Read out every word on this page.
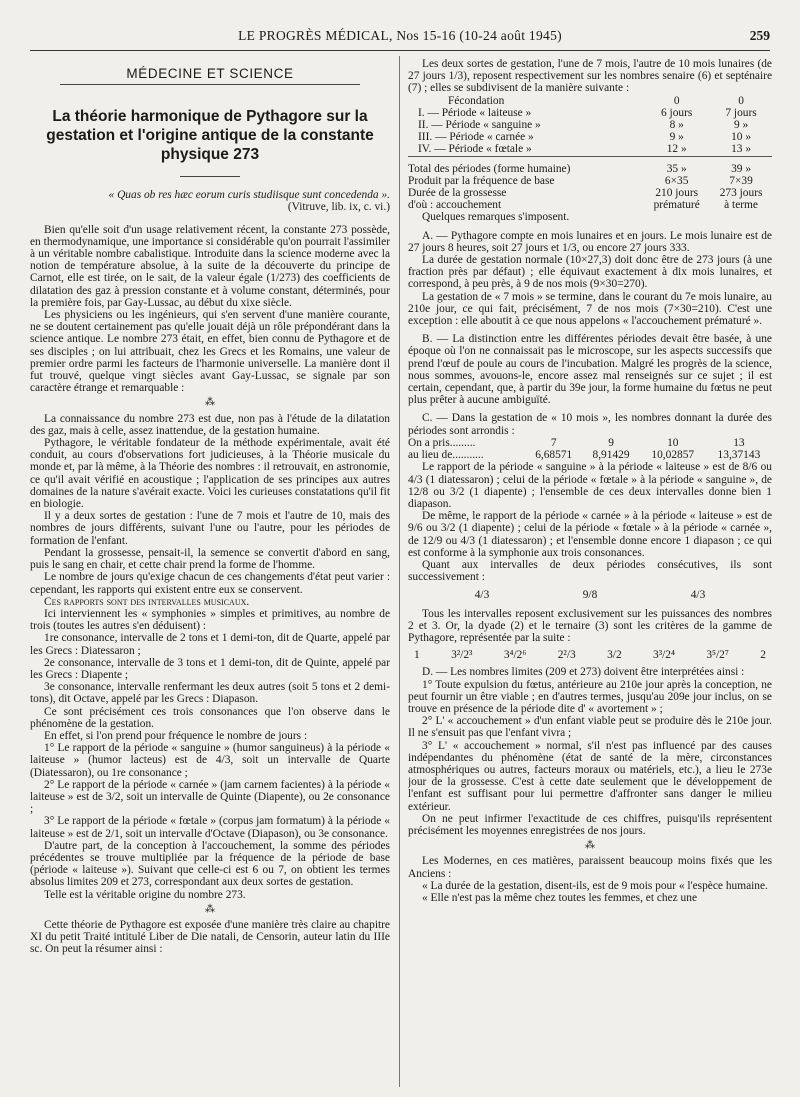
LE PROGRÈS MÉDICAL, Nos 15-16 (10-24 août 1945)	259
MÉDECINE ET SCIENCE
La théorie harmonique de Pythagore sur la gestation et l'origine antique de la constante physique 273

« Quas ob res hæc eorum curis studiisque sunt concedenda ».

(Vitruve, lib. ix, c. vi.)

Bien qu'elle soit d'un usage relativement récent, la constante 273 possède, en thermodynamique, une importance si considérable qu'on pourrait l'assimiler à un véritable nombre cabalistique. Introduite dans la science moderne avec la notion de température absolue, à la suite de la découverte du principe de Carnot, elle est tirée, on le sait, de la valeur égale (1/273) des coefficients de dilatation des gaz à pression constante et à volume constant, déterminés, pour la première fois, par Gay-Lussac, au début du xixe siècle.

Les physiciens ou les ingénieurs, qui s'en servent d'une manière courante, ne se doutent certainement pas qu'elle jouait déjà un rôle prépondérant dans la science antique. Le nombre 273 était, en effet, bien connu de Pythagore et de ses disciples ; on lui attribuait, chez les Grecs et les Romains, une valeur de premier ordre parmi les facteurs de l'harmonie universelle. La manière dont il fut trouvé, quelque vingt siècles avant Gay-Lussac, se signale par son caractère étrange et remarquable :

⁂

La connaissance du nombre 273 est due, non pas à l'étude de la dilatation des gaz, mais à celle, assez inattendue, de la gestation humaine.

Pythagore, le véritable fondateur de la méthode expérimentale, avait été conduit, au cours d'observations fort judicieuses, à la Théorie musicale du monde et, par là même, à la Théorie des nombres : il retrouvait, en astronomie, ce qu'il avait vérifié en acoustique ; l'application de ses principes aux autres domaines de la nature s'avérait exacte. Voici les curieuses constatations qu'il fit en biologie.

Il y a deux sortes de gestation : l'une de 7 mois et l'autre de 10, mais des nombres de jours différents, suivant l'une ou l'autre, pour les périodes de formation de l'enfant.

Pendant la grossesse, pensait-il, la semence se convertit d'abord en sang, puis le sang en chair, et cette chair prend la forme de l'homme.

Le nombre de jours qu'exige chacun de ces changements d'état peut varier : cependant, les rapports qui existent entre eux se conservent.

Ces rapports sont des intervalles musicaux.

Ici interviennent les « symphonies » simples et primitives, au nombre de trois (toutes les autres s'en déduisent) :

1re consonance, intervalle de 2 tons et 1 demi-ton, dit de Quarte, appelé par les Grecs : Diatessaron ;

2e consonance, intervalle de 3 tons et 1 demi-ton, dit de Quinte, appelé par les Grecs : Diapente ;

3e consonance, intervalle renfermant les deux autres (soit 5 tons et 2 demi-tons), dit Octave, appelé par les Grecs : Diapason.

Ce sont précisément ces trois consonances que l'on observe dans le phénomène de la gestation.

En effet, si l'on prend pour fréquence le nombre de jours :

1° Le rapport de la période « sanguine » (humor sanguineus) à la période « laiteuse » (humor lacteus) est de 4/3, soit un intervalle de Quarte (Diatessaron), ou 1re consonance ;

2° Le rapport de la période « carnée » (jam carnem facientes) à la période « laiteuse » est de 3/2, soit un intervalle de Quinte (Diapente), ou 2e consonance ;

3° Le rapport de la période « fœtale » (corpus jam formatum) à la période « laiteuse » est de 2/1, soit un intervalle d'Octave (Diapason), ou 3e consonance.

D'autre part, de la conception à l'accouchement, la somme des périodes précédentes se trouve multipliée par la fréquence de la période de base (période « laiteuse »). Suivant que celle-ci est 6 ou 7, on obtient les termes absolus limites 209 et 273, correspondant aux deux sortes de gestation.

Telle est la véritable origine du nombre 273.

⁂

Cette théorie de Pythagore est exposée d'une manière très claire au chapitre XI du petit Traité intitulé Liber de Die natali, de Censorin, auteur latin du IIIe sc. On peut la résumer ainsi :

Les deux sortes de gestation, l'une de 7 mois, l'autre de 10 mois lunaires (de 27 jours 1/3), reposent respectivement sur les nombres senaire (6) et septénaire (7) ; elles se subdivisent de la manière suivante :

Fécondation	0	0
I. — Période « laiteuse »	6 jours	7 jours
II. — Période « sanguine »	8 »	9 »
III. — Période « carnée »	9 »	10 »
IV. — Période « fœtale »	12 »	13 »
Total des périodes (forme humaine)	35 »	39 »
Produit par la fréquence de base	6×35	7×39
Durée de la grossesse	210 jours	273 jours
d'où : accouchement	prématuré	à terme

Quelques remarques s'imposent.

A. — Pythagore compte en mois lunaires et en jours. Le mois lunaire est de 27 jours 8 heures, soit 27 jours et 1/3, ou encore 27 jours 333.

La durée de gestation normale (10×27,3) doit donc être de 273 jours (à une fraction près par défaut) ; elle équivaut exactement à dix mois lunaires, et correspond, à peu près, à 9 de nos mois (9×30=270).

La gestation de « 7 mois » se termine, dans le courant du 7e mois lunaire, au 210e jour, ce qui fait, précisément, 7 de nos mois (7×30=210). C'est une exception : elle aboutit à ce que nous appelons « l'accouchement prématuré ».

B. — La distinction entre les différentes périodes devait être basée, à une époque où l'on ne connaissait pas le microscope, sur les aspects successifs que prend l'œuf de poule au cours de l'incubation. Malgré les progrès de la science, nous sommes, avouons-le, encore assez mal renseignés sur ce sujet ; il est certain, cependant, que, à partir du 39e jour, la forme humaine du fœtus ne peut plus prêter à aucune ambiguïté.

C. — Dans la gestation de « 10 mois », les nombres donnant la durée des périodes sont arrondis :

On a pris.........	7	9	10	13
au lieu de...........	6,68571	8,91429	10,02857	13,37143

Le rapport de la période « sanguine » à la période « laiteuse » est de 8/6 ou 4/3 (1 diatessaron) ; celui de la période « fœtale » à la période « sanguine », de 12/8 ou 3/2 (1 diapente) ; l'ensemble de ces deux intervalles donne bien 1 diapason.

De même, le rapport de la période « carnée » à la période « laiteuse » est de 9/6 ou 3/2 (1 diapente) ; celui de la période « fœtale » à la période « carnée », de 12/9 ou 4/3 (1 diatessaron) ; et l'ensemble donne encore 1 diapason ; ce qui est conforme à la symphonie aux trois consonances.

Quant aux intervalles de deux périodes consécutives, ils sont successivement :

4/3	9/8	4/3

Tous les intervalles reposent exclusivement sur les puissances des nombres 2 et 3. Or, la dyade (2) et le ternaire (3) sont les critères de la gamme de Pythagore, représentée par la suite :

1	3²/2³	3⁴/2⁶	2²/3	3/2	3³/2⁴	3⁵/2⁷	2

D. — Les nombres limites (209 et 273) doivent être interprétées ainsi :

1° Toute expulsion du fœtus, antérieure au 210e jour après la conception, ne peut fournir un être viable ; en d'autres termes, jusqu'au 209e jour inclus, on se trouve en présence de la période dite d' « avortement » ;

2° L' « accouchement » d'un enfant viable peut se produire dès le 210e jour. Il ne s'ensuit pas que l'enfant vivra ;

3° L' « accouchement » normal, s'il n'est pas influencé par des causes indépendantes du phénomène (état de santé de la mère, circonstances atmosphériques ou autres, facteurs moraux ou matériels, etc.), a lieu le 273e jour de la grossesse. C'est à cette date seulement que le développement de l'enfant est suffisant pour lui permettre d'affronter sans danger le milieu extérieur.

On ne peut infirmer l'exactitude de ces chiffres, puisqu'ils représentent précisément les moyennes enregistrées de nos jours.

⁂

Les Modernes, en ces matières, paraissent beaucoup moins fixés que les Anciens :

« La durée de la gestation, disent-ils, est de 9 mois pour « l'espèce humaine.

« Elle n'est pas la même chez toutes les femmes, et chez une
